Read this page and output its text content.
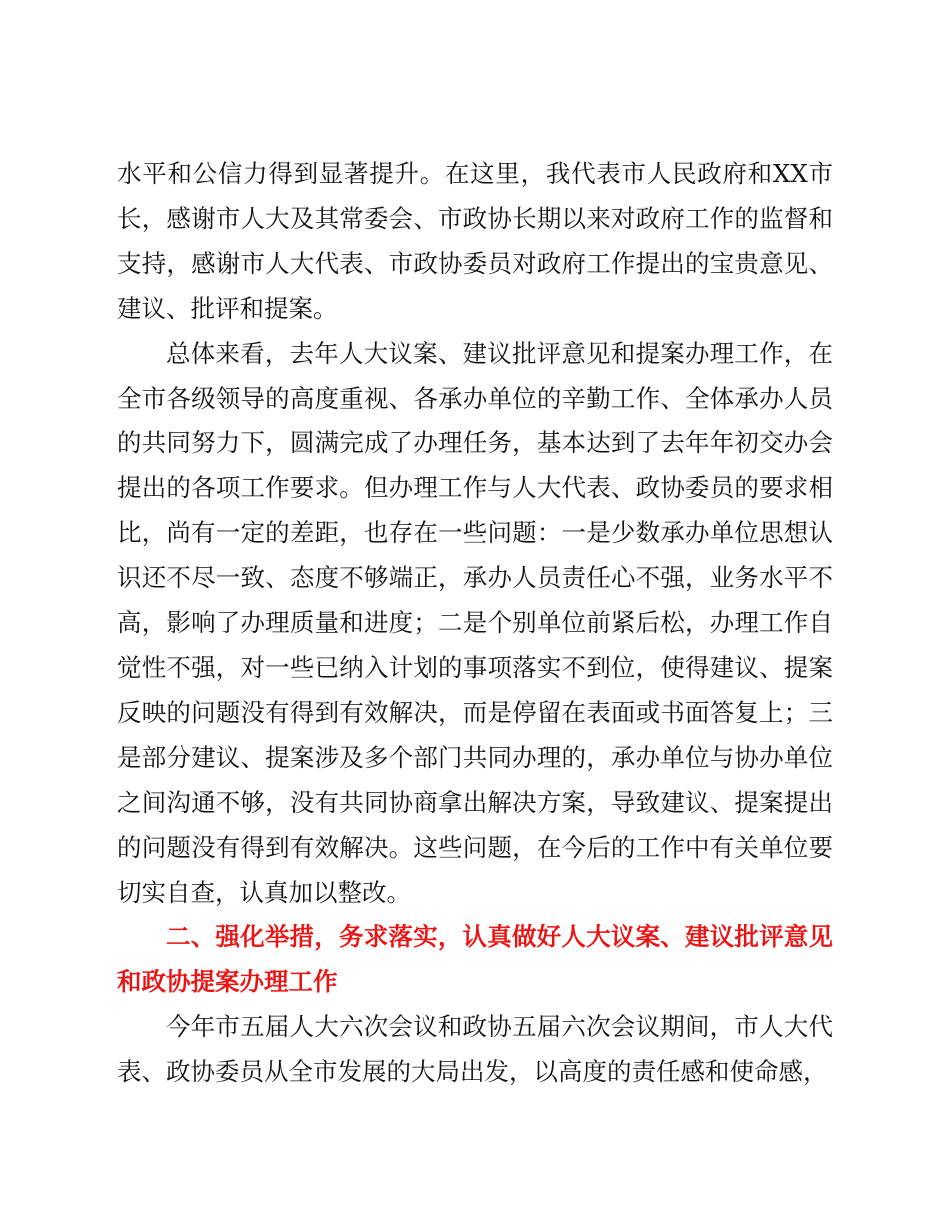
水平和公信力得到显著提升。在这里，我代表市人民政府和XX市长，感谢市人大及其常委会、市政协长期以来对政府工作的监督和支持，感谢市人大代表、市政协委员对政府工作提出的宝贵意见、建议、批评和提案。

总体来看，去年人大议案、建议批评意见和提案办理工作，在全市各级领导的高度重视、各承办单位的辛勤工作、全体承办人员的共同努力下，圆满完成了办理任务，基本达到了去年年初交办会提出的各项工作要求。但办理工作与人大代表、政协委员的要求相比，尚有一定的差距，也存在一些问题：一是少数承办单位思想认识还不尽一致、态度不够端正，承办人员责任心不强，业务水平不高，影响了办理质量和进度；二是个别单位前紧后松，办理工作自觉性不强，对一些已纳入计划的事项落实不到位，使得建议、提案反映的问题没有得到有效解决，而是停留在表面或书面答复上；三是部分建议、提案涉及多个部门共同办理的，承办单位与协办单位之间沟通不够，没有共同协商拿出解决方案，导致建议、提案提出的问题没有得到有效解决。这些问题，在今后的工作中有关单位要切实自查，认真加以整改。

二、强化举措，务求落实，认真做好人大议案、建议批评意见和政协提案办理工作

今年市五届人大六次会议和政协五届六次会议期间，市人大代表、政协委员从全市发展的大局出发，以高度的责任感和使命感，
